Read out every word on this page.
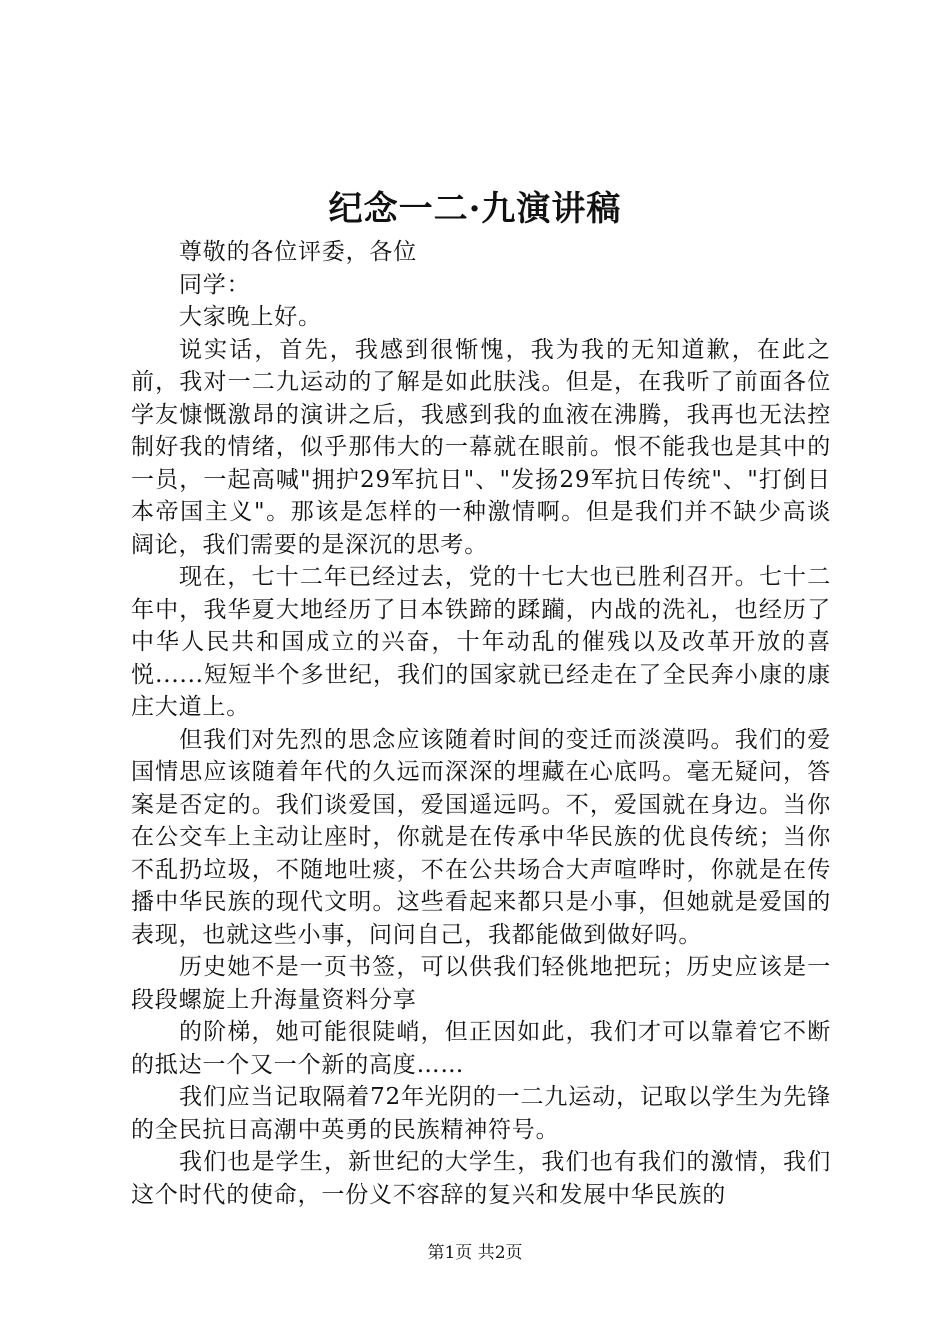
纪念一二·九演讲稿

尊敬的各位评委，各位

同学：

大家晚上好。

说实话，首先，我感到很惭愧，我为我的无知道歉，在此之前，我对一二九运动的了解是如此肤浅。但是，在我听了前面各位学友慷慨激昂的演讲之后，我感到我的血液在沸腾，我再也无法控制好我的情绪，似乎那伟大的一幕就在眼前。恨不能我也是其中的一员，一起高喊"拥护29军抗日"、"发扬29军抗日传统"、"打倒日本帝国主义"。那该是怎样的一种激情啊。但是我们并不缺少高谈阔论，我们需要的是深沉的思考。

现在，七十二年已经过去，党的十七大也已胜利召开。七十二年中，我华夏大地经历了日本铁蹄的蹂躏，内战的洗礼，也经历了中华人民共和国成立的兴奋，十年动乱的催残以及改革开放的喜悦......短短半个多世纪，我们的国家就已经走在了全民奔小康的康庄大道上。

但我们对先烈的思念应该随着时间的变迁而淡漠吗。我们的爱国情思应该随着年代的久远而深深的埋藏在心底吗。毫无疑问，答案是否定的。我们谈爱国，爱国遥远吗。不，爱国就在身边。当你在公交车上主动让座时，你就是在传承中华民族的优良传统；当你不乱扔垃圾，不随地吐痰，不在公共场合大声喧哗时，你就是在传播中华民族的现代文明。这些看起来都只是小事，但她就是爱国的表现，也就这些小事，问问自己，我都能做到做好吗。

历史她不是一页书签，可以供我们轻佻地把玩；历史应该是一段段螺旋上升海量资料分享

的阶梯，她可能很陡峭，但正因如此，我们才可以靠着它不断的抵达一个又一个新的高度……

我们应当记取隔着72年光阴的一二九运动，记取以学生为先锋的全民抗日高潮中英勇的民族精神符号。

我们也是学生，新世纪的大学生，我们也有我们的激情，我们这个时代的使命，一份义不容辞的复兴和发展中华民族的

第1页 共2页
